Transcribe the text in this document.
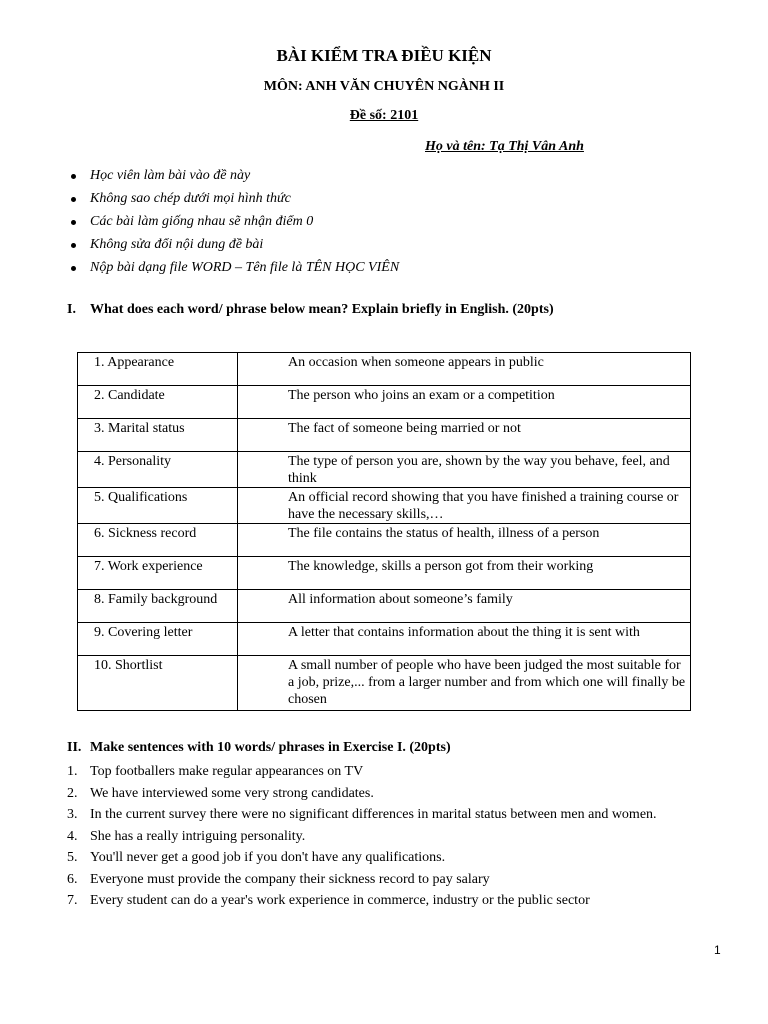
BÀI KIỂM TRA ĐIỀU KIỆN
MÔN: ANH VĂN CHUYÊN NGÀNH II
Đề số: 2101
Họ và tên: Tạ Thị Vân Anh
Học viên làm bài vào đề này
Không sao chép dưới mọi hình thức
Các bài làm giống nhau sẽ nhận điểm 0
Không sửa đổi nội dung đề bài
Nộp bài dạng file WORD – Tên file là TÊN HỌC VIÊN
I. What does each word/ phrase below mean? Explain briefly in English. (20pts)
1. Appearance	An occasion when someone appears in public
2. Candidate	The person who joins an exam or a competition
3. Marital status	The fact of someone being married or not
4. Personality	The type of person you are, shown by the way you behave, feel, and think
5. Qualifications	An official record showing that you have finished a training course or have the necessary skills,…
6. Sickness record	The file contains the status of health, illness of a person
7. Work experience	The knowledge, skills a person got from their working
8. Family background	All information about someone’s family
9. Covering letter	A letter that contains information about the thing it is sent with
10. Shortlist	A small number of people who have been judged the most suitable for a job, prize,... from a larger number and from which one will finally be chosen
II. Make sentences with 10 words/ phrases in Exercise I. (20pts)
1. Top footballers make regular appearances on TV
2. We have interviewed some very strong candidates.
3. In the current survey there were no significant differences in marital status between men and women.
4. She has a really intriguing personality.
5. You'll never get a good job if you don't have any qualifications.
6. Everyone must provide the company their sickness record to pay salary
7. Every student can do a year's work experience in commerce, industry or the public sector
1
